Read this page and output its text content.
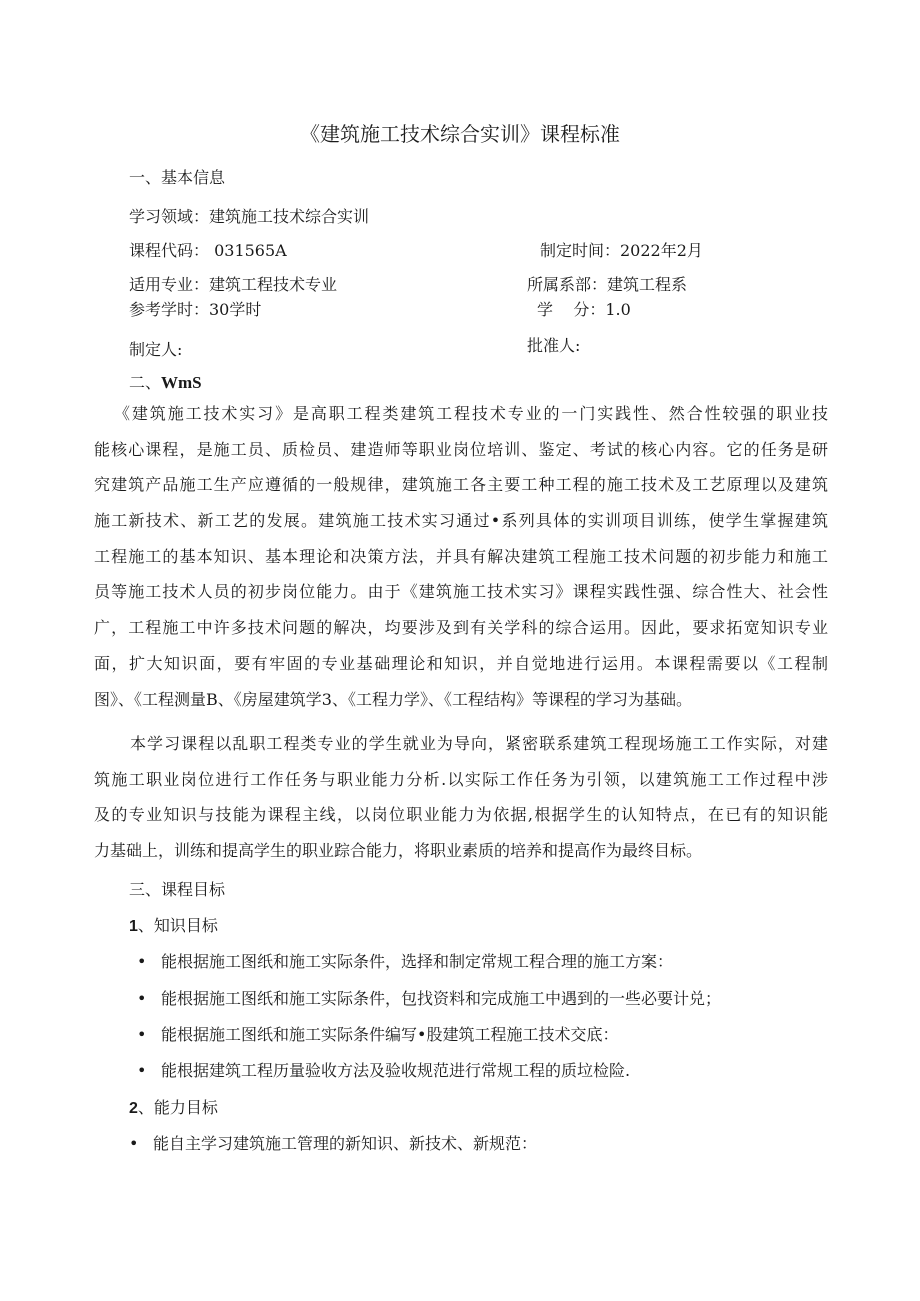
《建筑施工技术综合实训》课程标准
一、基本信息
学习领域：建筑施工技术综合实训
课程代码： 031565A	制定时间：2022年2月
适用专业：建筑工程技术专业	所属系部：建筑工程系
参考学时：30学时	学    分：1.0
制定人:	批准人:
二、WmS
《建筑施工技术实习》是高职工程类建筑工程技术专业的一门实践性、然合性较强的职业技
能核心课程，是施工员、质检员、建造师等职业岗位培训、鉴定、考试的核心内容。它的任务是研
究建筑产品施工生产应遵循的一般规律，建筑施工各主要工种工程的施工技术及工艺原理以及建筑
施工新技术、新工艺的发展。建筑施工技术实习通过•系列具体的实训项目训练，使学生掌握建筑
工程施工的基本知识、基本理论和决策方法，并具有解决建筑工程施工技术问题的初步能力和施工
员等施工技术人员的初步岗位能力。由于《建筑施工技术实习》课程实践性强、综合性大、社会性
广，工程施工中许多技术问题的解决，均要涉及到有关学科的综合运用。因此，要求拓宽知识专业
面，扩大知识面，要有牢固的专业基础理论和知识，并自觉地进行运用。本课程需要以《工程制
图》、《工程测量B、《房屋建筑学3、《工程力学》、《工程结构》等课程的学习为基础。
本学习课程以乱职工程类专业的学生就业为导向，紧密联系建筑工程现场施工工作实际，对建
筑施工职业岗位进行工作任务与职业能力分析.以实际工作任务为引领，以建筑施工工作过程中涉
及的专业知识与技能为课程主线，以岗位职业能力为依据,根据学生的认知特点，在已有的知识能
力基础上，训练和提高学生的职业踪合能力，将职业素质的培养和提高作为最终目标。
三、课程目标
1、知识目标
• 能根据施工图纸和施工实际条件，选择和制定常规工程合理的施工方案：
• 能根据施工图纸和施工实际条件，包找资料和完成施工中遇到的一些必要计兑；
• 能根据施工图纸和施工实际条件编写•股建筑工程施工技术交底：
• 能根据建筑工程历量验收方法及验收规范进行常规工程的质垃检险.
2、能力目标
• 能自主学习建筑施工管理的新知识、新技术、新规范：
